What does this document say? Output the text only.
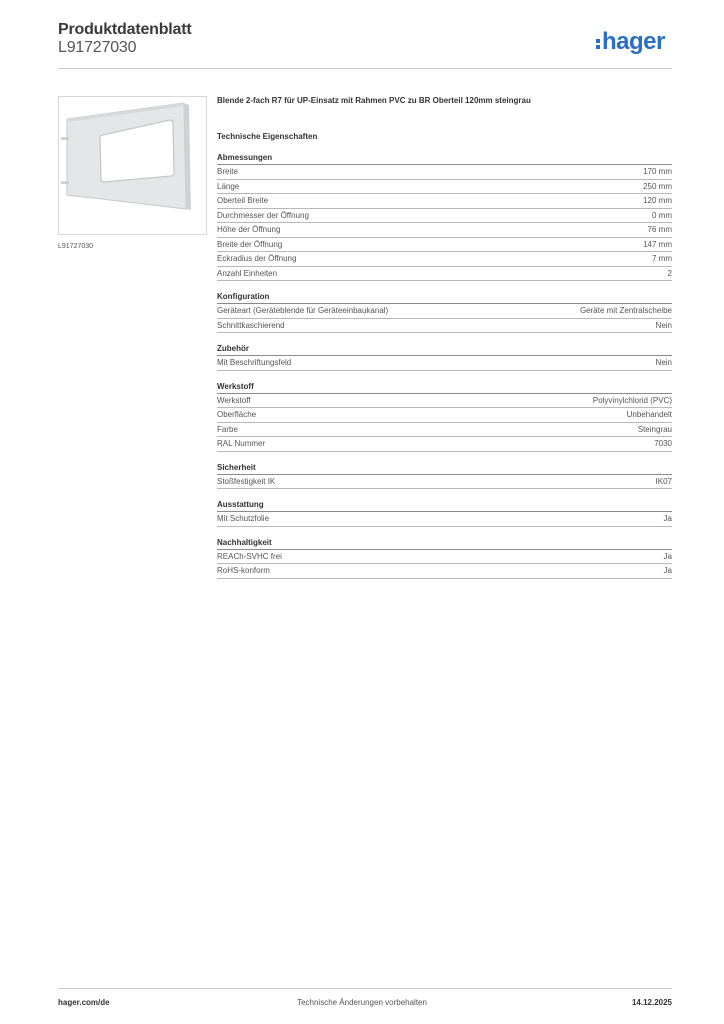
Produktdatenblatt
L91727030	hager
L91727030
Blende 2-fach R7 für UP-Einsatz mit Rahmen PVC zu BR Oberteil 120mm steingrau
Technische Eigenschaften
Abmessungen
Breite	170 mm
Länge	250 mm
Oberteil Breite	120 mm
Durchmesser der Öffnung	0 mm
Höhe der Öffnung	76 mm
Breite der Öffnung	147 mm
Eckradius der Öffnung	7 mm
Anzahl Einheiten	2
Konfiguration
Geräteart (Geräteblende für Geräteeinbaukanal)	Geräte mit Zentralscheibe
Schnittkaschierend	Nein
Zubehör
Mit Beschriftungsfeld	Nein
Werkstoff
Werkstoff	Polyvinylchlorid (PVC)
Oberfläche	Unbehandelt
Farbe	Steingrau
RAL Nummer	7030
Sicherheit
Stoßfestigkeit IK	IK07
Ausstattung
Mit Schutzfolie	Ja
Nachhaltigkeit
REACh-SVHC frei	Ja
RoHS-konform	Ja
Technische Änderungen vorbehalten
hager.com/de	14.12.2025
